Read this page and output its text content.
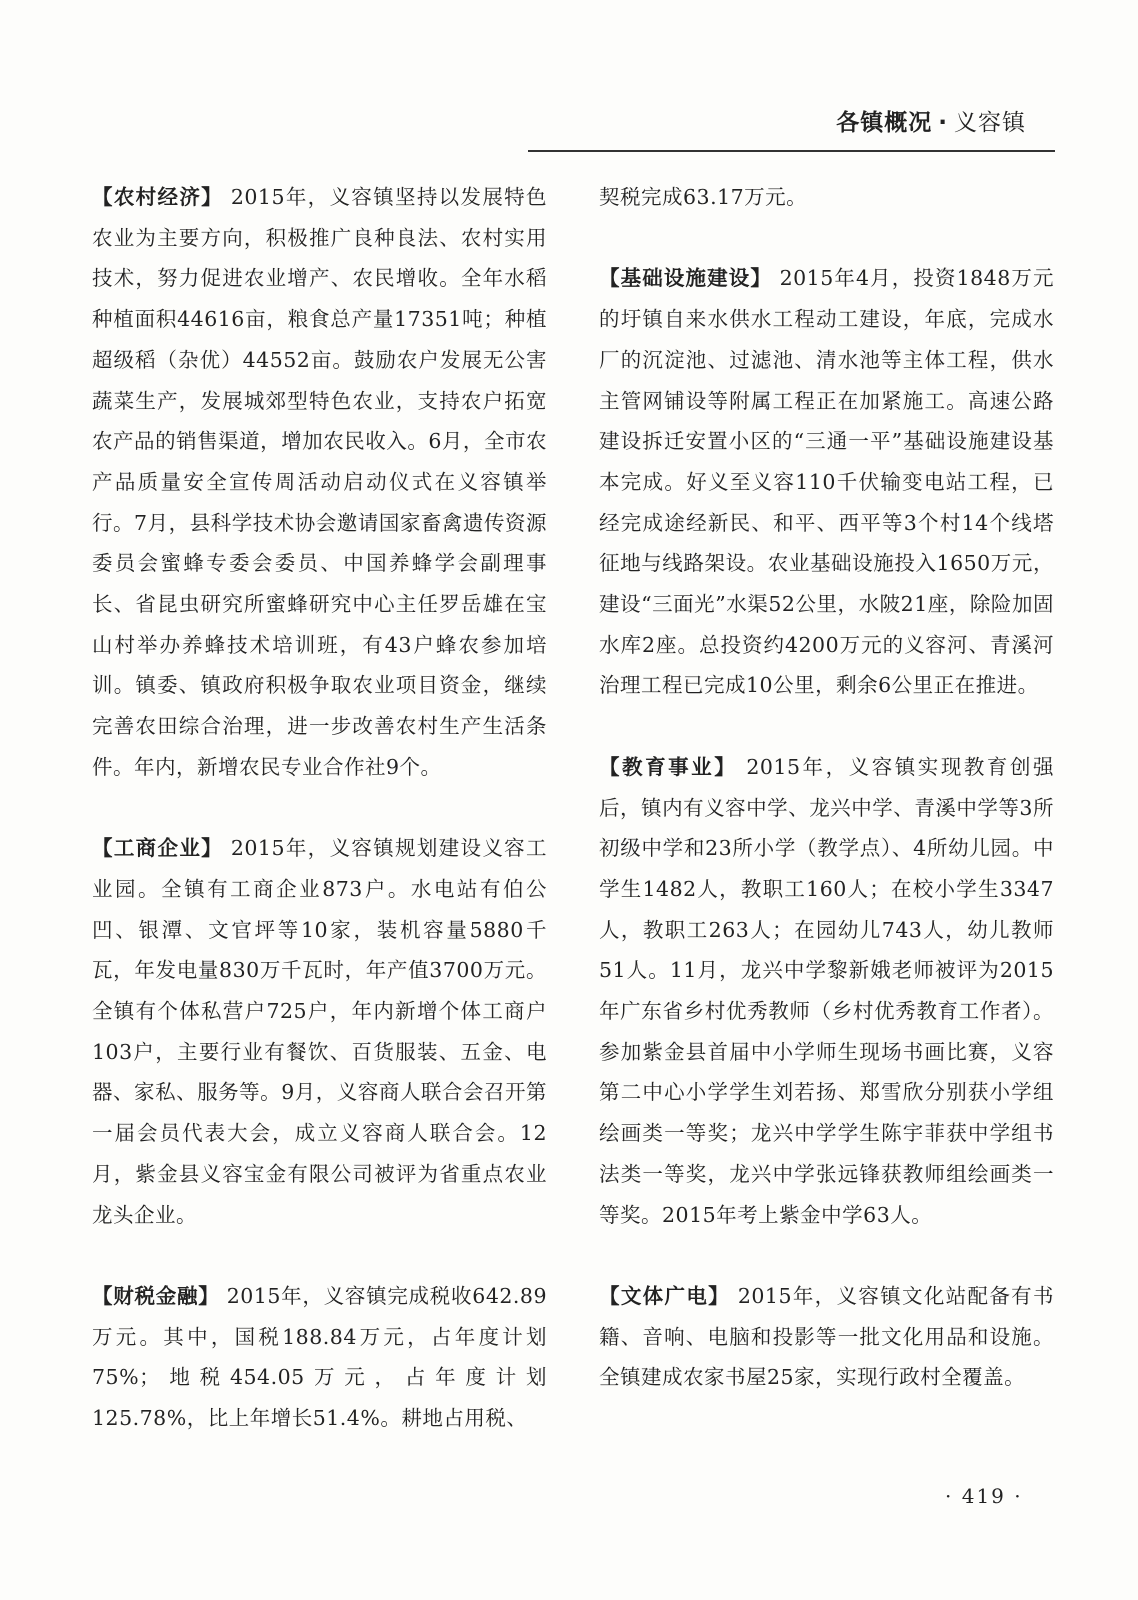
各镇概况 · 义容镇

【农村经济】 2015年，义容镇坚持以发展特色农业为主要方向，积极推广良种良法、农村实用技术，努力促进农业增产、农民增收。全年水稻种植面积44616亩，粮食总产量17351吨；种植超级稻（杂优）44552亩。鼓励农户发展无公害蔬菜生产，发展城郊型特色农业，支持农户拓宽农产品的销售渠道，增加农民收入。6月，全市农产品质量安全宣传周活动启动仪式在义容镇举行。7月，县科学技术协会邀请国家畜禽遗传资源委员会蜜蜂专委会委员、中国养蜂学会副理事长、省昆虫研究所蜜蜂研究中心主任罗岳雄在宝山村举办养蜂技术培训班，有43户蜂农参加培训。镇委、镇政府积极争取农业项目资金，继续完善农田综合治理，进一步改善农村生产生活条件。年内，新增农民专业合作社9个。

【工商企业】 2015年，义容镇规划建设义容工业园。全镇有工商企业873户。水电站有伯公凹、银潭、文官坪等10家，装机容量5880千瓦，年发电量830万千瓦时，年产值3700万元。全镇有个体私营户725户，年内新增个体工商户103户，主要行业有餐饮、百货服装、五金、电器、家私、服务等。9月，义容商人联合会召开第一届会员代表大会，成立义容商人联合会。12月，紫金县义容宝金有限公司被评为省重点农业龙头企业。

【财税金融】 2015年，义容镇完成税收642.89万元。其中，国税188.84万元，占年度计划75%；地税454.05万元，占年度计划125.78%，比上年增长51.4%。耕地占用税、

契税完成63.17万元。

【基础设施建设】 2015年4月，投资1848万元的圩镇自来水供水工程动工建设，年底，完成水厂的沉淀池、过滤池、清水池等主体工程，供水主管网铺设等附属工程正在加紧施工。高速公路建设拆迁安置小区的“三通一平”基础设施建设基本完成。好义至义容110千伏输变电站工程，已经完成途经新民、和平、西平等3个村14个线塔征地与线路架设。农业基础设施投入1650万元，建设“三面光”水渠52公里，水陂21座，除险加固水库2座。总投资约4200万元的义容河、青溪河治理工程已完成10公里，剩余6公里正在推进。

【教育事业】 2015年，义容镇实现教育创强后，镇内有义容中学、龙兴中学、青溪中学等3所初级中学和23所小学（教学点）、4所幼儿园。中学生1482人，教职工160人；在校小学生3347人，教职工263人；在园幼儿743人，幼儿教师51人。11月，龙兴中学黎新娥老师被评为2015年广东省乡村优秀教师（乡村优秀教育工作者）。参加紫金县首届中小学师生现场书画比赛，义容第二中心小学学生刘若扬、郑雪欣分别获小学组绘画类一等奖；龙兴中学学生陈宇菲获中学组书法类一等奖，龙兴中学张远锋获教师组绘画类一等奖。2015年考上紫金中学63人。

【文体广电】 2015年，义容镇文化站配备有书籍、音响、电脑和投影等一批文化用品和设施。全镇建成农家书屋25家，实现行政村全覆盖。

· 419 ·
